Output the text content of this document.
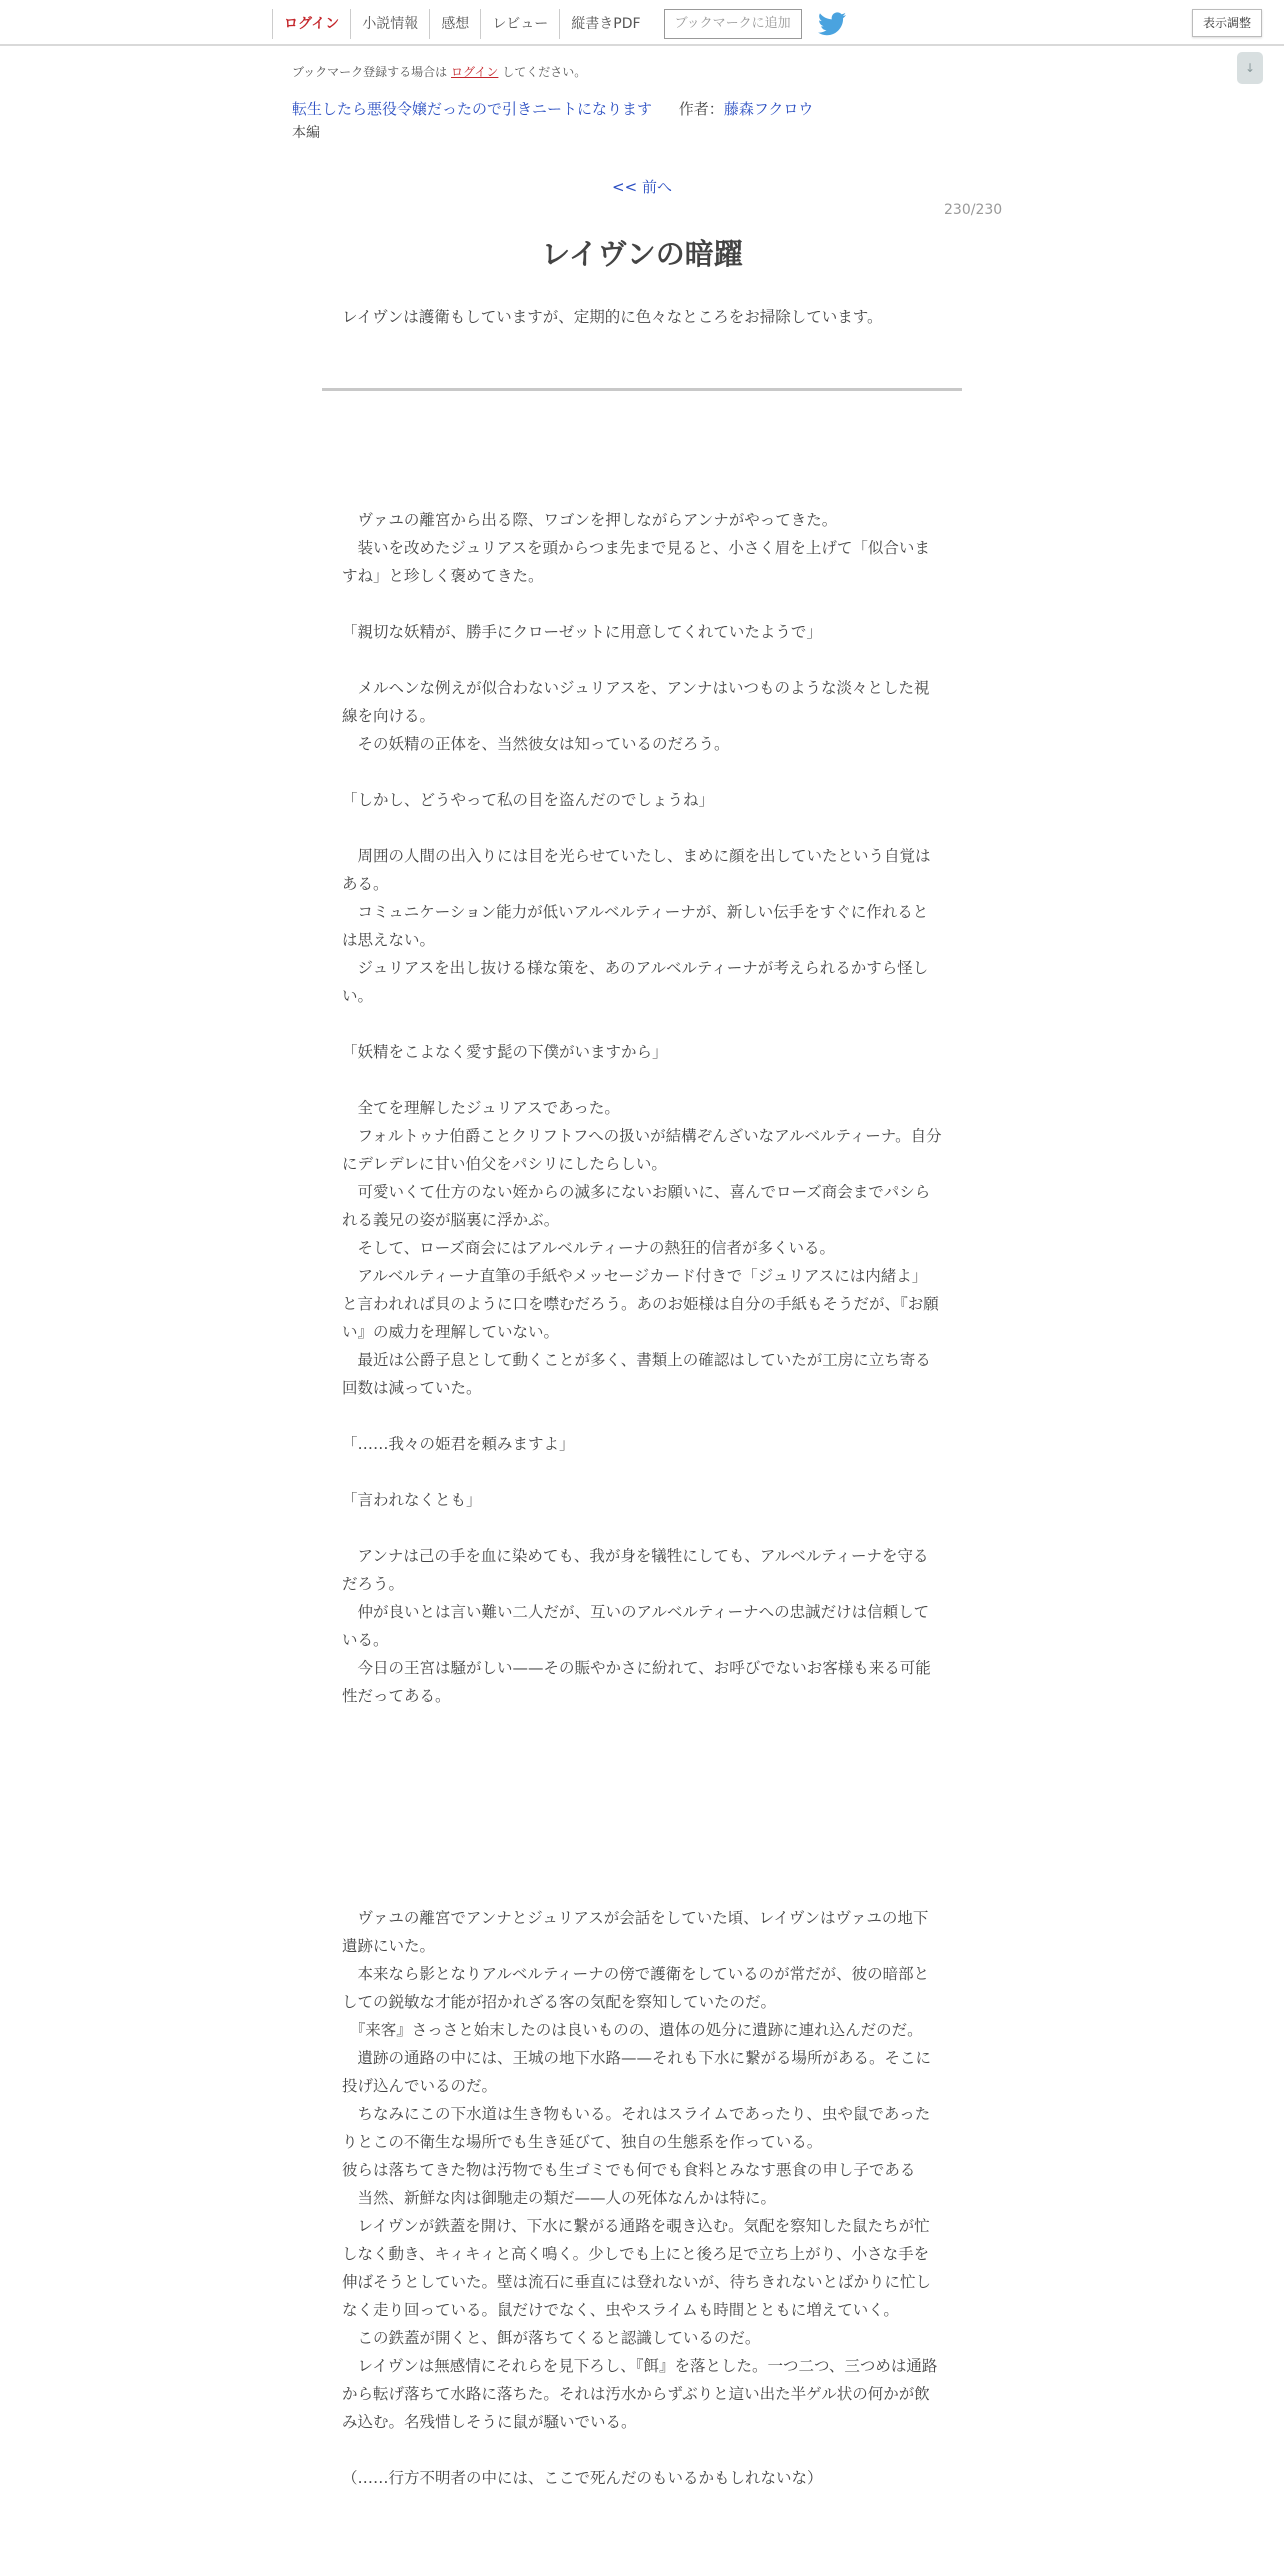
ログイン	小説情報	感想	レビュー	縦書きPDF	ブックマークに追加	表示調整
↓
ブックマーク登録する場合は ログイン してください。
転生したら悪役令嬢だったので引きニートになります 作者：藤森フクロウ
本編
<< 前へ
230/230
レイヴンの暗躍
レイヴンは護衛もしていますが、定期的に色々なところをお掃除しています。

　ヴァユの離宮から出る際、ワゴンを押しながらアンナがやってきた。

　装いを改めたジュリアスを頭からつま先まで見ると、小さく眉を上げて「似合いますね」と珍しく褒めてきた。

「親切な妖精が、勝手にクローゼットに用意してくれていたようで」

　メルヘンな例えが似合わないジュリアスを、アンナはいつものような淡々とした視線を向ける。

　その妖精の正体を、当然彼女は知っているのだろう。

「しかし、どうやって私の目を盗んだのでしょうね」

　周囲の人間の出入りには目を光らせていたし、まめに顔を出していたという自覚はある。

　コミュニケーション能力が低いアルベルティーナが、新しい伝手をすぐに作れるとは思えない。

　ジュリアスを出し抜ける様な策を、あのアルベルティーナが考えられるかすら怪しい。

「妖精をこよなく愛す髭の下僕がいますから」

　全てを理解したジュリアスであった。

　フォルトゥナ伯爵ことクリフトフへの扱いが結構ぞんざいなアルベルティーナ。自分にデレデレに甘い伯父をパシリにしたらしい。

　可愛いくて仕方のない姪からの滅多にないお願いに、喜んでローズ商会までパシられる義兄の姿が脳裏に浮かぶ。

　そして、ローズ商会にはアルベルティーナの熱狂的信者が多くいる。

　アルベルティーナ直筆の手紙やメッセージカード付きで「ジュリアスには内緒よ」と言われれば貝のように口を噤むだろう。あのお姫様は自分の手紙もそうだが、『お願い』の威力を理解していない。

　最近は公爵子息として動くことが多く、書類上の確認はしていたが工房に立ち寄る回数は減っていた。

「……我々の姫君を頼みますよ」

「言われなくとも」

　アンナは己の手を血に染めても、我が身を犠牲にしても、アルベルティーナを守るだろう。

　仲が良いとは言い難い二人だが、互いのアルベルティーナへの忠誠だけは信頼している。

　今日の王宮は騒がしい——その賑やかさに紛れて、お呼びでないお客様も来る可能性だってある。

　ヴァユの離宮でアンナとジュリアスが会話をしていた頃、レイヴンはヴァユの地下遺跡にいた。

　本来なら影となりアルベルティーナの傍で護衛をしているのが常だが、彼の暗部としての鋭敏な才能が招かれざる客の気配を察知していたのだ。

　『来客』さっさと始末したのは良いものの、遺体の処分に遺跡に連れ込んだのだ。

　遺跡の通路の中には、王城の地下水路——それも下水に繋がる場所がある。そこに投げ込んでいるのだ。

　ちなみにこの下水道は生き物もいる。それはスライムであったり、虫や鼠であったりとこの不衛生な場所でも生き延びて、独自の生態系を作っている。

彼らは落ちてきた物は汚物でも生ゴミでも何でも食料とみなす悪食の申し子である

　当然、新鮮な肉は御馳走の類だ——人の死体なんかは特に。

　レイヴンが鉄蓋を開け、下水に繋がる通路を覗き込む。気配を察知した鼠たちが忙しなく動き、キィキィと高く鳴く。少しでも上にと後ろ足で立ち上がり、小さな手を伸ばそうとしていた。壁は流石に垂直には登れないが、待ちきれないとばかりに忙しなく走り回っている。鼠だけでなく、虫やスライムも時間とともに増えていく。

　この鉄蓋が開くと、餌が落ちてくると認識しているのだ。

　レイヴンは無感情にそれらを見下ろし、『餌』を落とした。一つ二つ、三つめは通路から転げ落ちて水路に落ちた。それは汚水からずぶりと這い出た半ゲル状の何かが飲み込む。名残惜しそうに鼠が騒いでいる。

（……行方不明者の中には、ここで死んだのもいるかもしれないな）
